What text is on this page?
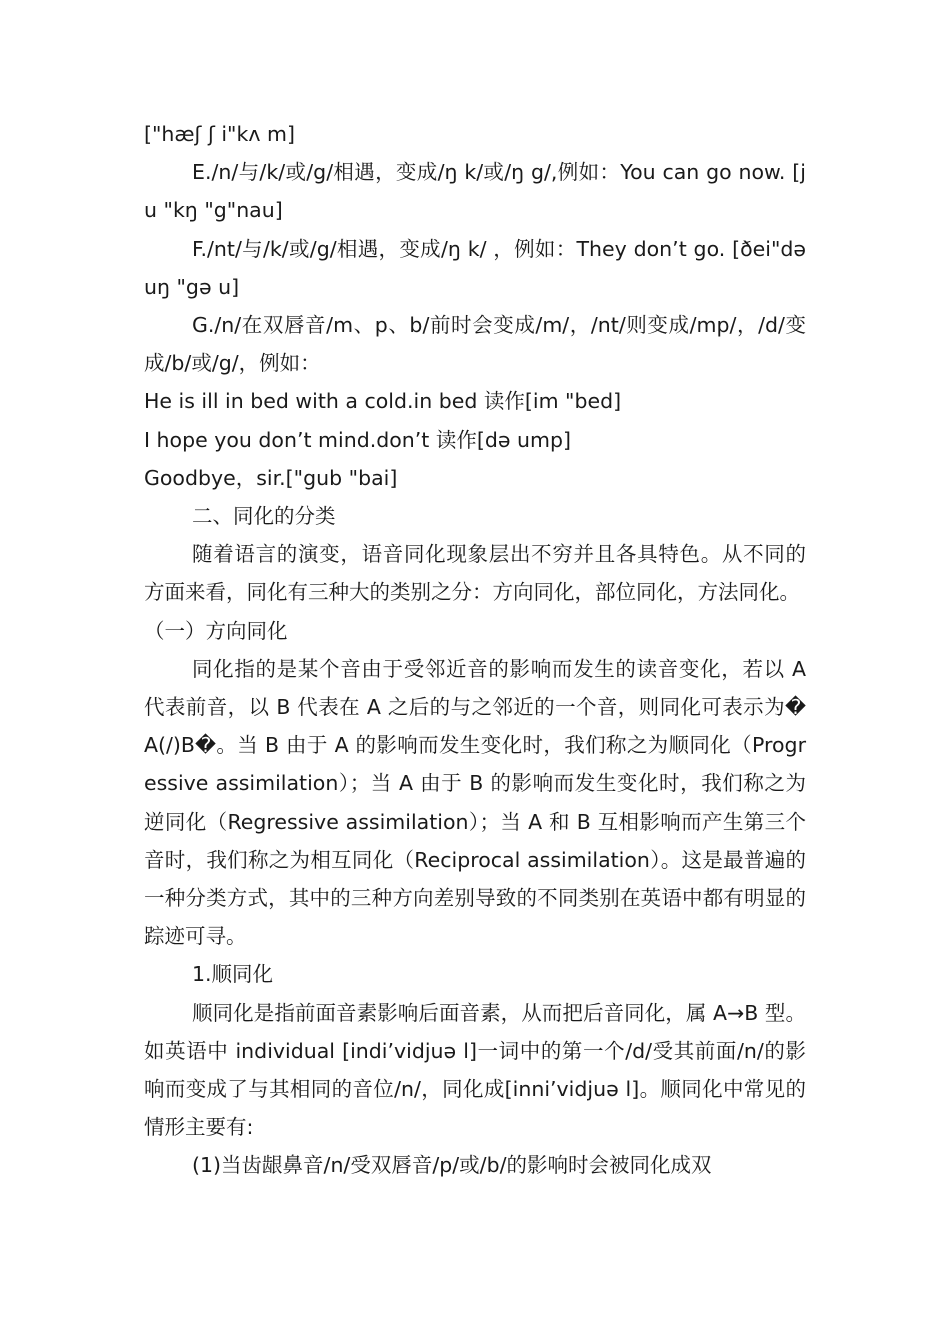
["hæʃ ʃ i"kʌ m]

E./n/与/k/或/g/相遇，变成/ŋ k/或/ŋ g/,例如：You can go now. [ju "kŋ "g"nau]

F./nt/与/k/或/g/相遇，变成/ŋ k/ ，例如：They don’t go. [ðei"də uŋ "gə u]

G./n/在双唇音/m、p、b/前时会变成/m/，/nt/则变成/mp/，/d/变成/b/或/g/，例如：

He is ill in bed with a cold.in bed 读作[im "bed]

I hope you don’t mind.don’t 读作[də ump]

Goodbye，sir.["gub "bai]

二、同化的分类

随着语言的演变，语音同化现象层出不穷并且各具特色。从不同的方面来看，同化有三种大的类别之分：方向同化，部位同化，方法同化。

（一）方向同化

同化指的是某个音由于受邻近音的影响而发生的读音变化，若以 A 代表前音，以 B 代表在 A 之后的与之邻近的一个音，则同化可表示为�A(/)B�。当 B 由于 A 的影响而发生变化时，我们称之为顺同化（Progressive assimilation）；当 A 由于 B 的影响而发生变化时，我们称之为逆同化（Regressive assimilation）；当 A 和 B 互相影响而产生第三个音时，我们称之为相互同化（Reciprocal assimilation）。这是最普遍的一种分类方式，其中的三种方向差别导致的不同类别在英语中都有明显的踪迹可寻。

1.顺同化

顺同化是指前面音素影响后面音素，从而把后音同化，属 A→B 型。如英语中 individual [indi’vidjuə l]一词中的第一个/d/受其前面/n/的影响而变成了与其相同的音位/n/，同化成[inni’vidjuə l]。顺同化中常见的情形主要有:

(1)当齿龈鼻音/n/受双唇音/p/或/b/的影响时会被同化成双
